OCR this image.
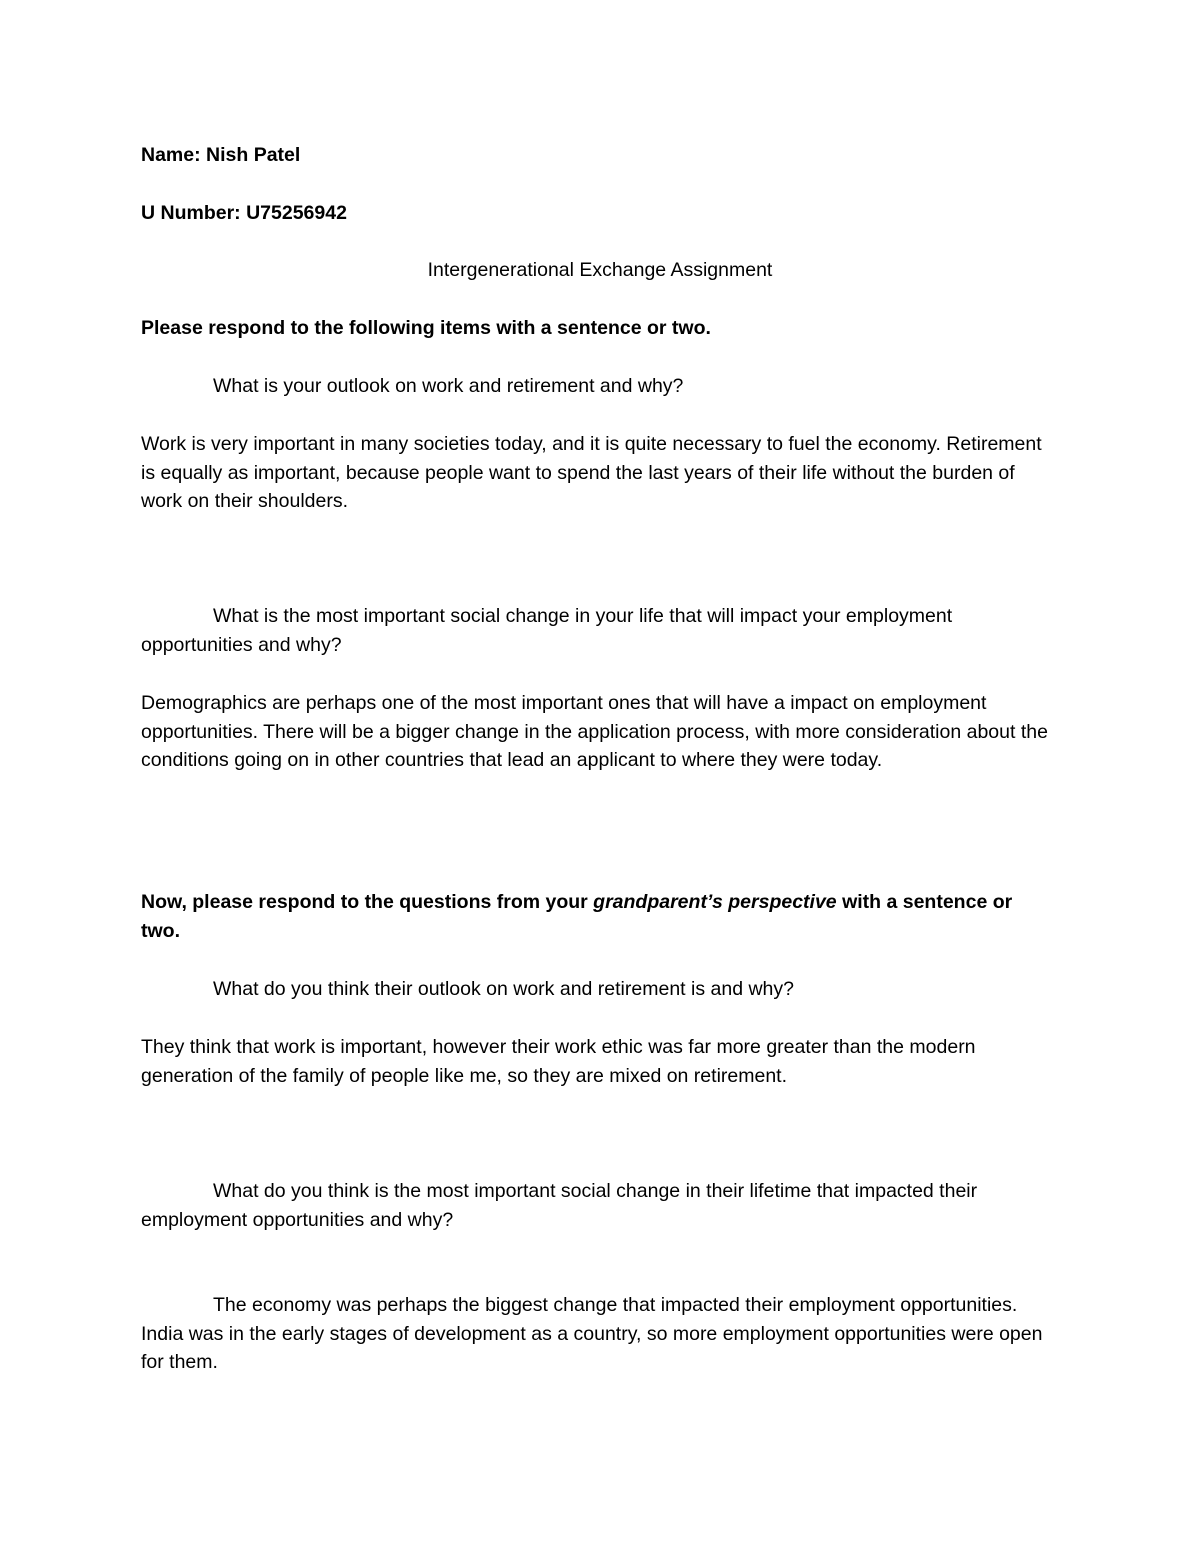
Name: Nish Patel

U Number: U75256942

Intergenerational Exchange Assignment

Please respond to the following items with a sentence or two.

What is your outlook on work and retirement and why?

Work is very important in many societies today, and it is quite necessary to fuel the economy. Retirement is equally as important, because people want to spend the last years of their life without the burden of work on their shoulders.

What is the most important social change in your life that will impact your employment opportunities and why?

Demographics are perhaps one of the most important ones that will have a impact on employment opportunities. There will be a bigger change in the application process, with more consideration about the conditions going on in other countries that lead an applicant to where they were today.

Now, please respond to the questions from your grandparent’s perspective with a sentence or two.

What do you think their outlook on work and retirement is and why?

They think that work is important, however their work ethic was far more greater than the modern generation of the family of people like me, so they are mixed on retirement.

What do you think is the most important social change in their lifetime that impacted their employment opportunities and why?

The economy was perhaps the biggest change that impacted their employment opportunities. India was in the early stages of development as a country, so more employment opportunities were open for them.
